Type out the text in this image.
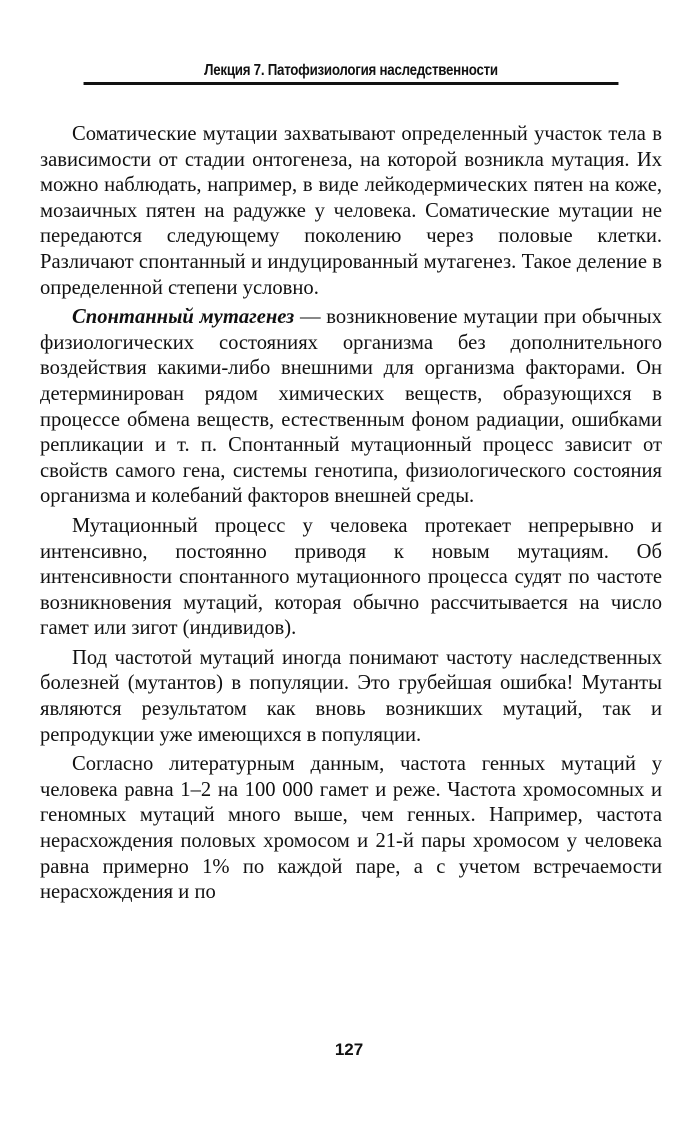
Лекция 7. Патофизиология наследственности

Соматические мутации захватывают определенный участок тела в зависимости от стадии онтогенеза, на которой возникла мутация. Их можно наблюдать, например, в виде лейкодермических пятен на коже, мозаичных пятен на радужке у человека. Соматические мутации не передаются следующему поколению через половые клетки. Различают спонтанный и индуцированный мутагенез. Такое деление в определенной степени условно.

Спонтанный мутагенез — возникновение мутации при обычных физиологических состояниях организма без дополнительного воздействия какими-либо внешними для организма факторами. Он детерминирован рядом химических веществ, образующихся в процессе обмена веществ, естественным фоном радиации, ошибками репликации и т. п. Спонтанный мутационный процесс зависит от свойств самого гена, системы генотипа, физиологического состояния организма и колебаний факторов внешней среды.

Мутационный процесс у человека протекает непрерывно и интенсивно, постоянно приводя к новым мутациям. Об интенсивности спонтанного мутационного процесса судят по частоте возникновения мутаций, которая обычно рассчитывается на число гамет или зигот (индивидов).

Под частотой мутаций иногда понимают частоту наследственных болезней (мутантов) в популяции. Это грубейшая ошибка! Мутанты являются результатом как вновь возникших мутаций, так и репродукции уже имеющихся в популяции.

Согласно литературным данным, частота генных мутаций у человека равна 1–2 на 100 000 гамет и реже. Частота хромосомных и геномных мутаций много выше, чем генных. Например, частота нерасхождения половых хромосом и 21-й пары хромосом у человека равна примерно 1% по каждой паре, а с учетом встречаемости нерасхождения и по

127
